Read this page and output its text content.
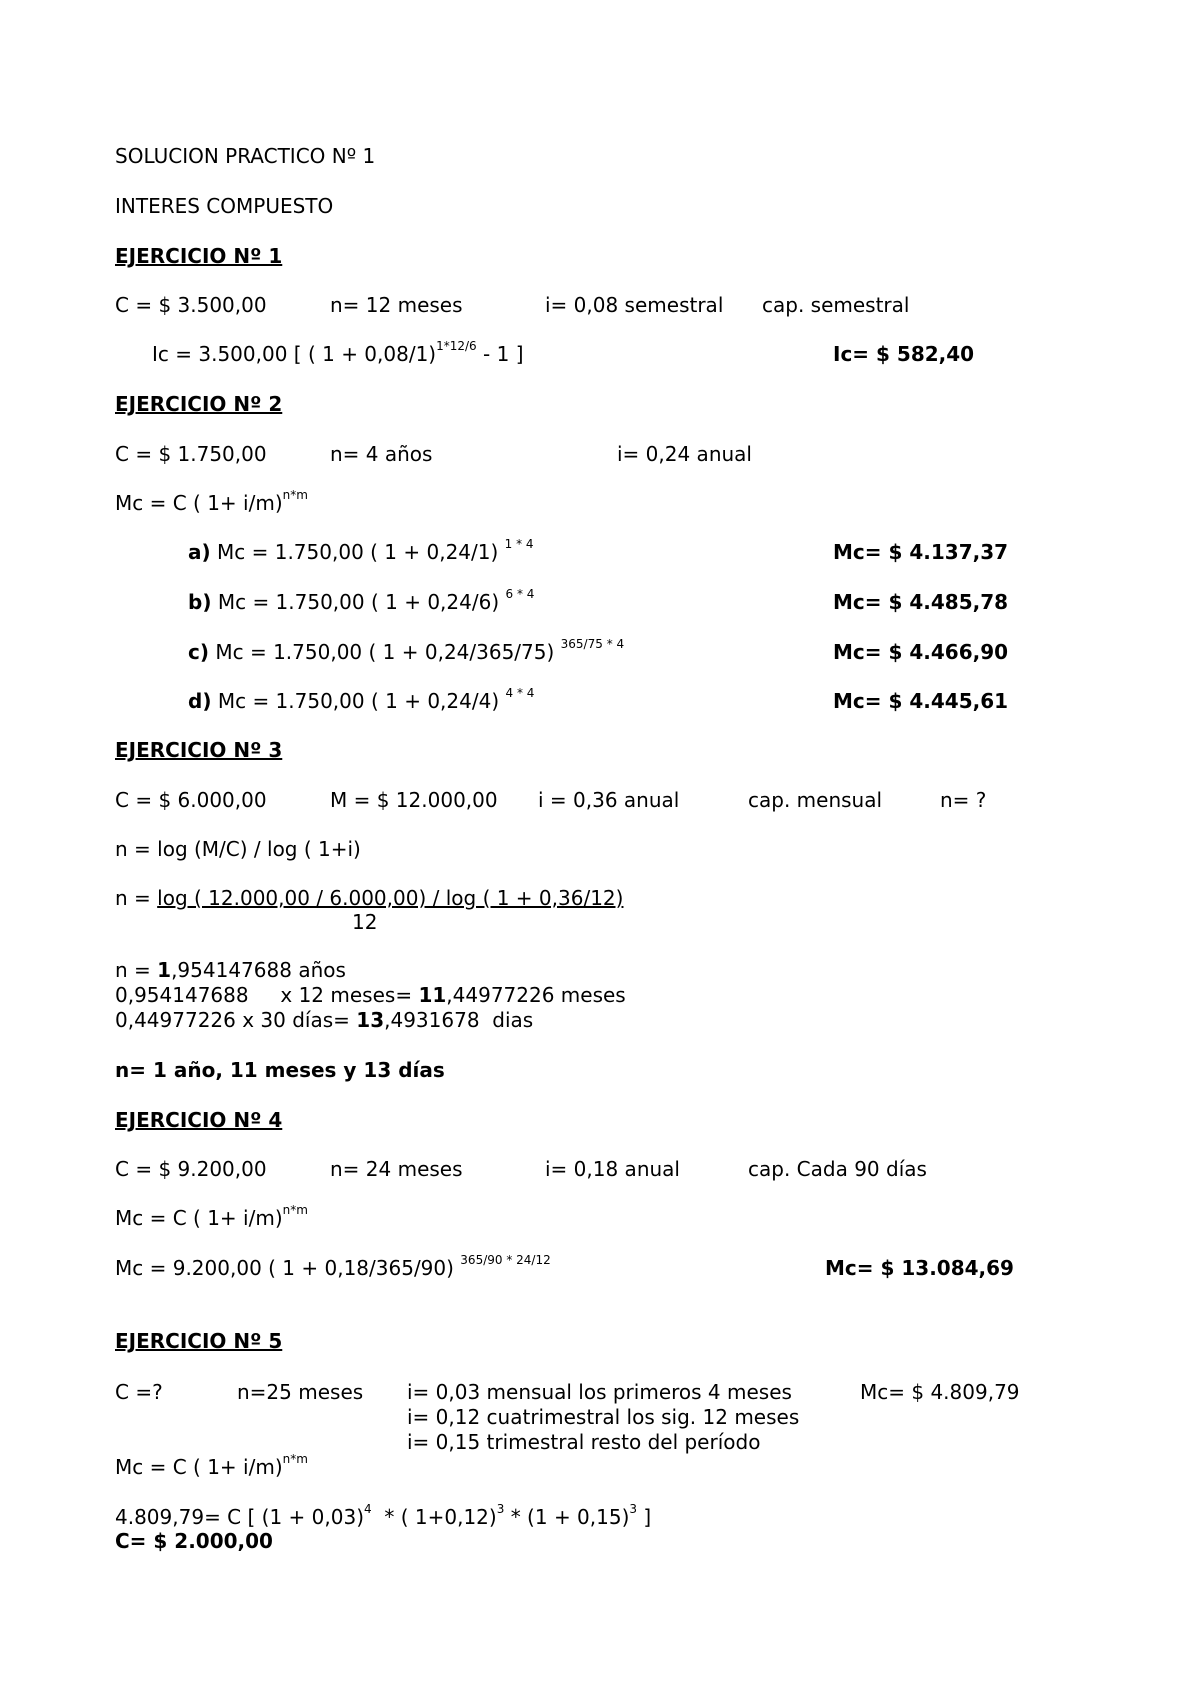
SOLUCION PRACTICO Nº 1
INTERES COMPUESTO
EJERCICIO Nº 1
C = $ 3.500,00	n= 12 meses	i= 0,08 semestral cap. semestral
Ic = 3.500,00 [ ( 1 + 0,08/1)$^{1*12/6}$ - 1 ]	Ic= $ 582,40
EJERCICIO Nº 2
C = $ 1.750,00	n= 4 años	i= 0,24 anual
Mc = C ( 1+ i/m)$^{n*m}$
a) Mc = 1.750,00 ( 1 + 0,24/1) $^{1 * 4}$	Mc= $ 4.137,37
b) Mc = 1.750,00 ( 1 + 0,24/6) $^{6 * 4}$	Mc= $ 4.485,78
c) Mc = 1.750,00 ( 1 + 0,24/365/75) $^{365/75 * 4}$	Mc= $ 4.466,90
d) Mc = 1.750,00 ( 1 + 0,24/4) $^{4 * 4}$	Mc= $ 4.445,61
EJERCICIO Nº 3
C = $ 6.000,00	M = $ 12.000,00 i = 0,36 anual	cap. mensual	n= ?
n = log (M/C) / log ( 1+i)
n = log ( 12.000,00 / 6.000,00) / log ( 1 + 0,36/12)
12
n = 1,954147688 años
0,954147688     x 12 meses= 11,44977226 meses
0,44977226 x 30 días= 13,4931678  dias
n= 1 año, 11 meses y 13 días
EJERCICIO Nº 4
C = $ 9.200,00	n= 24 meses	i= 0,18 anual	cap. Cada 90 días
Mc = C ( 1+ i/m)$^{n*m}$
Mc = 9.200,00 ( 1 + 0,18/365/90) $^{365/90 * 24/12}$	Mc= $ 13.084,69
EJERCICIO Nº 5
C =?	n=25 meses i= 0,03 mensual los primeros 4 meses	Mc= $ 4.809,79
i= 0,12 cuatrimestral los sig. 12 meses
i= 0,15 trimestral resto del período
Mc = C ( 1+ i/m)$^{n*m}$
4.809,79= C [ $(1 + 0,03)^4$  * ( $1+0,12)^3 * (1 + 0,15)^3$ ]
C= $ 2.000,00
